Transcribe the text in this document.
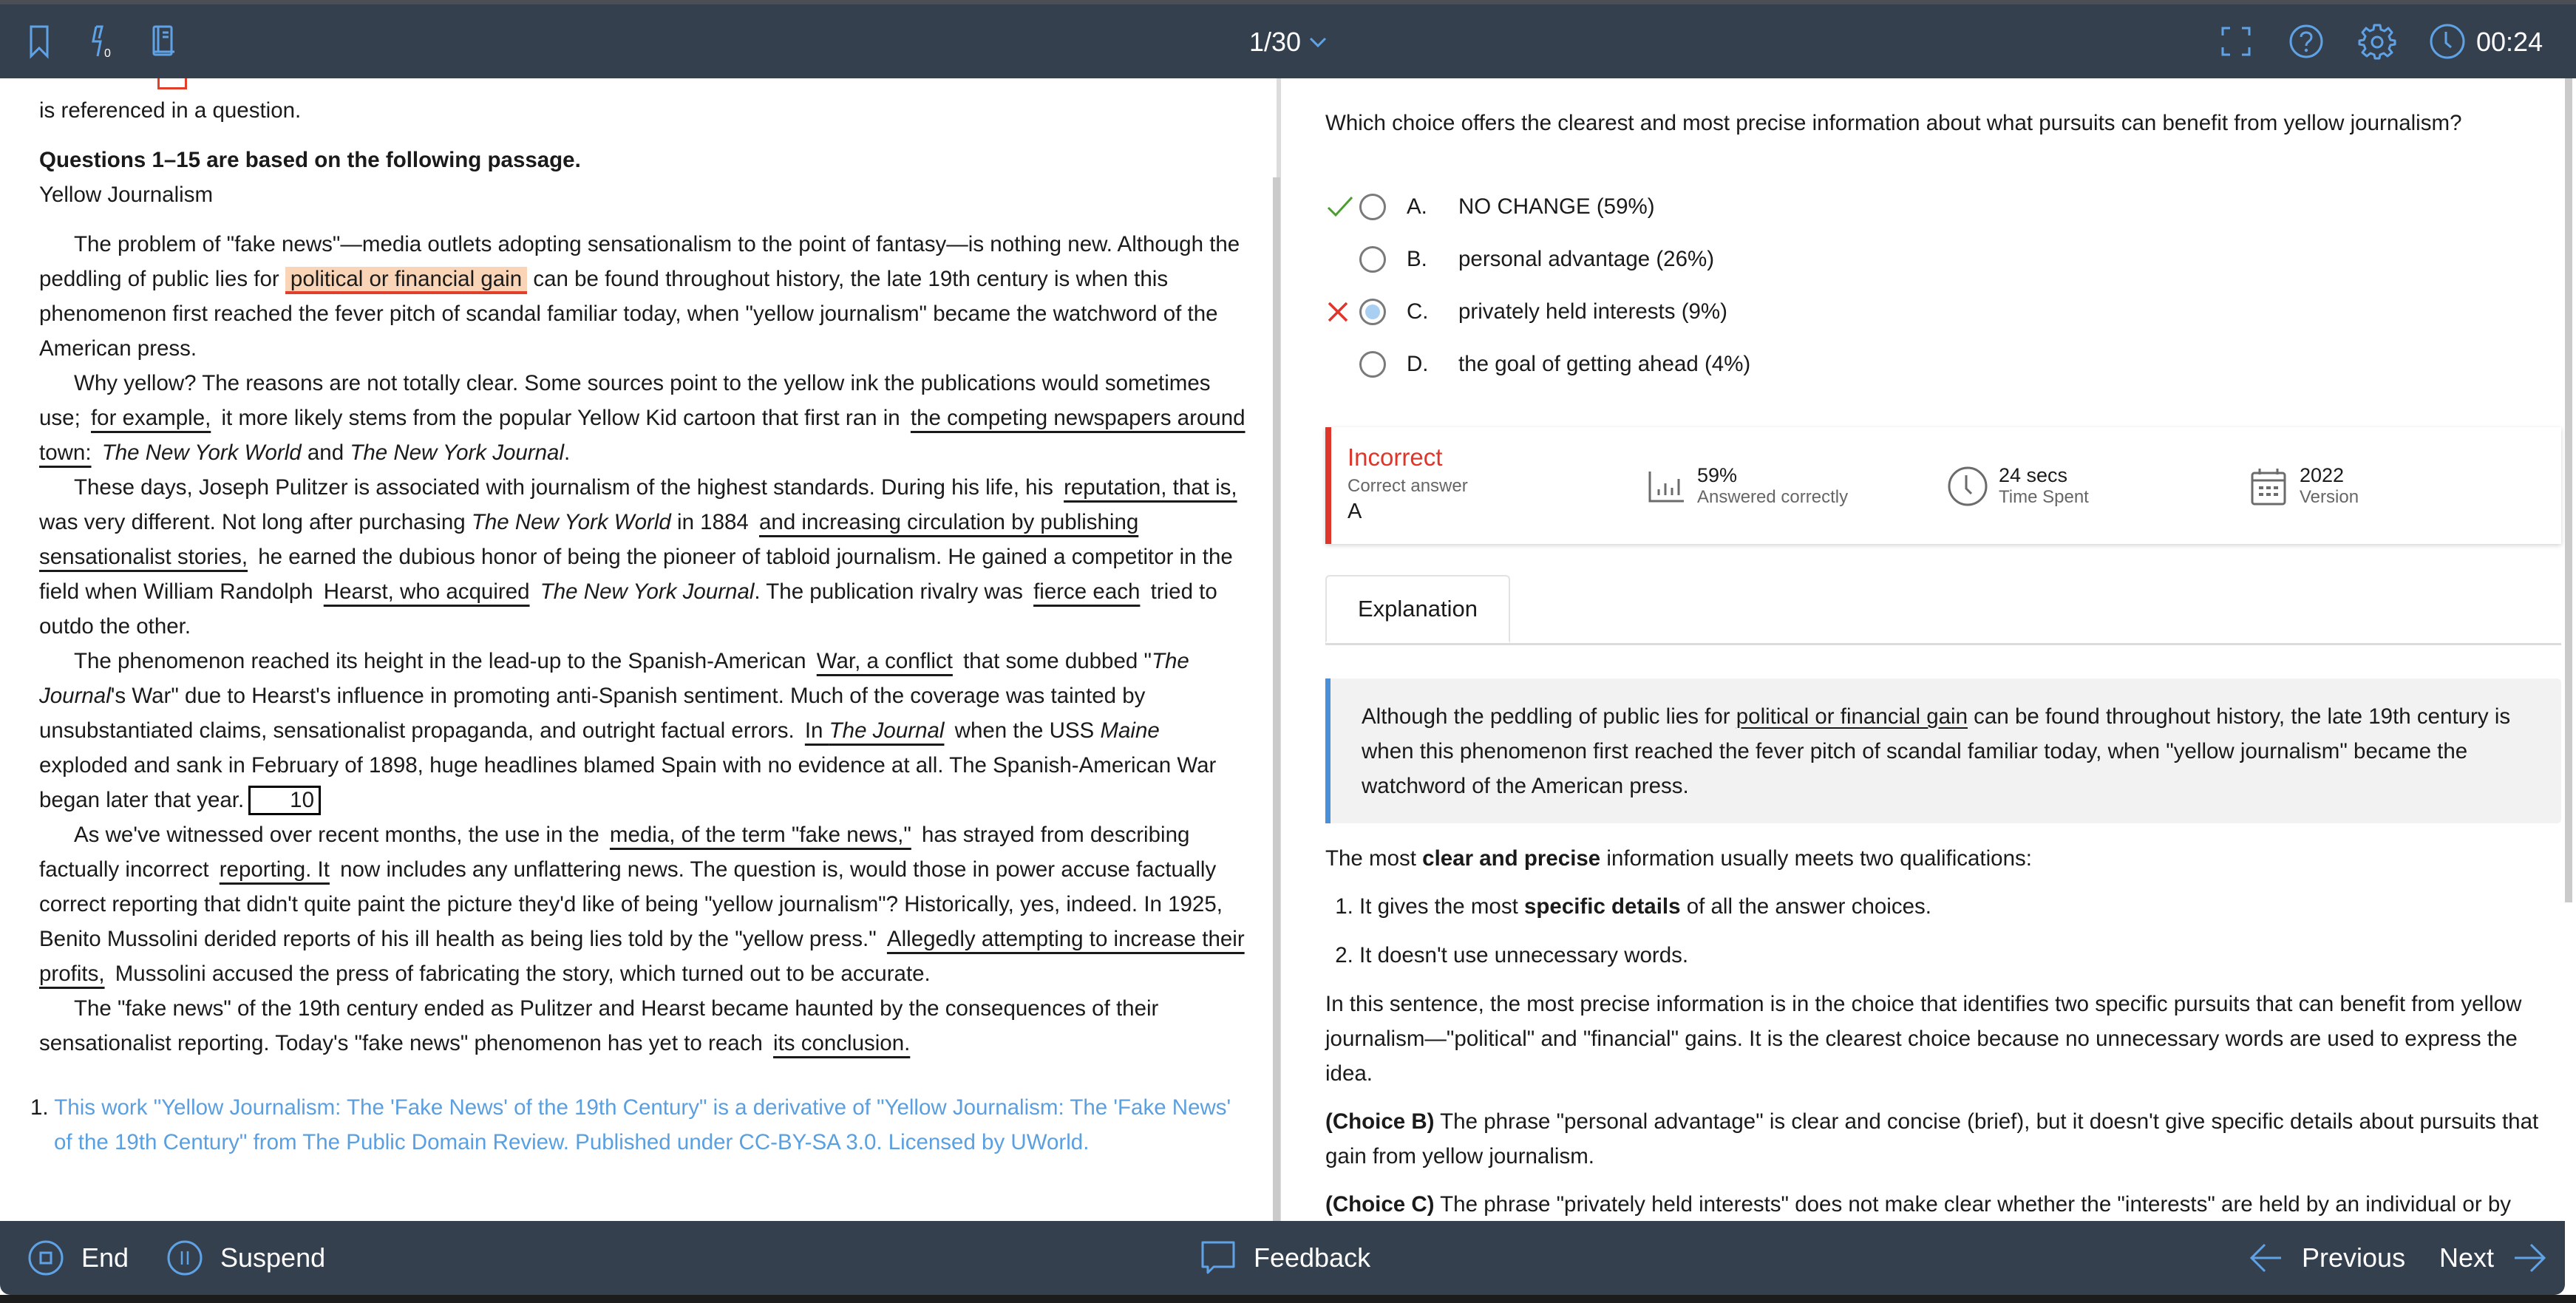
0	1/30	00:24

is referenced in a question.

Questions 1–15 are based on the following passage.

Yellow Journalism

The problem of "fake news"—media outlets adopting sensationalism to the point of fantasy—is nothing new. Although the peddling of public lies for political or financial gain can be found throughout history, the late 19th century is when this phenomenon first reached the fever pitch of scandal familiar today, when "yellow journalism" became the watchword of the American press.

Why yellow? The reasons are not totally clear. Some sources point to the yellow ink the publications would sometimes use; for example, it more likely stems from the popular Yellow Kid cartoon that first ran in the competing newspapers around town: The New York World and The New York Journal.

These days, Joseph Pulitzer is associated with journalism of the highest standards. During his life, his reputation, that is, was very different. Not long after purchasing The New York World in 1884 and increasing circulation by publishing sensationalist stories, he earned the dubious honor of being the pioneer of tabloid journalism. He gained a competitor in the field when William Randolph Hearst, who acquired The New York Journal. The publication rivalry was fierce each tried to outdo the other.

The phenomenon reached its height in the lead-up to the Spanish-American War, a conflict that some dubbed "The Journal's War" due to Hearst's influence in promoting anti-Spanish sentiment. Much of the coverage was tainted by unsubstantiated claims, sensationalist propaganda, and outright factual errors. In The Journal when the USS Maine exploded and sank in February of 1898, huge headlines blamed Spain with no evidence at all. The Spanish-American War began later that year. 10

As we've witnessed over recent months, the use in the media, of the term "fake news," has strayed from describing factually incorrect reporting. It now includes any unflattering news. The question is, would those in power accuse factually correct reporting that didn't quite paint the picture they'd like of being "yellow journalism"? Historically, yes, indeed. In 1925, Benito Mussolini derided reports of his ill health as being lies told by the "yellow press." Allegedly attempting to increase their profits, Mussolini accused the press of fabricating the story, which turned out to be accurate.

The "fake news" of the 19th century ended as Pulitzer and Hearst became haunted by the consequences of their sensationalist reporting. Today's "fake news" phenomenon has yet to reach its conclusion.

1. This work "Yellow Journalism: The 'Fake News' of the 19th Century" is a derivative of "Yellow Journalism: The 'Fake News' of the 19th Century" from The Public Domain Review. Published under CC-BY-SA 3.0. Licensed by UWorld.
Which choice offers the clearest and most precise information about what pursuits can benefit from yellow journalism?
A.	NO CHANGE (59%)
B.	personal advantage (26%)
C.	privately held interests (9%)
D.	the goal of getting ahead (4%)
Incorrect
Correct answer
A
59%
Answered correctly
24 secs
Time Spent
2022
Version
Explanation
Although the peddling of public lies for political or financial gain can be found throughout history, the late 19th century is when this phenomenon first reached the fever pitch of scandal familiar today, when "yellow journalism" became the watchword of the American press.

The most clear and precise information usually meets two qualifications:

1. It gives the most specific details of all the answer choices.
2. It doesn't use unnecessary words.

In this sentence, the most precise information is in the choice that identifies two specific pursuits that can benefit from yellow journalism—"political" and "financial" gains. It is the clearest choice because no unnecessary words are used to express the idea.

(Choice B) The phrase "personal advantage" is clear and concise (brief), but it doesn't give specific details about pursuits that gain from yellow journalism.

(Choice C) The phrase "privately held interests" does not make clear whether the "interests" are held by an individual or by

End	Suspend	Feedback	Previous Next
